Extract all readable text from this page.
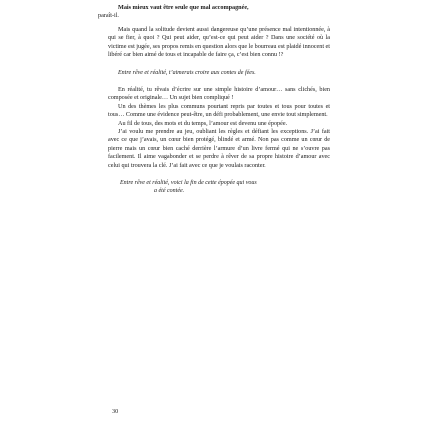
Mais mieux vaut être seule que mal accompagnée,
paraît-il.

Mais quand la solitude devient aussi dangereuse qu’une présence mal intentionnée, à qui se fier, à quoi ? Qui peut aider, qu’est-ce qui peut aider ? Dans une société où la victime est jugée, ses propos remis en question alors que le bourreau est plaidé innocent et libéré car bien aimé de tous et incapable de faire ça, c’est bien connu !?

Entre rêve et réalité, t’aimerais croire aux contes de fées.

En réalité, tu rêvais d’écrire sur une simple histoire d’amour… sans clichés, bien composée et originale… Un sujet bien compliqué !

Un des thèmes les plus communs pourtant repris par toutes et tous pour toutes et tous… Comme une évidence peut-être, un défi probablement, une envie tout simplement.

Au fil de tous, des mots et du temps, l’amour est devenu une épopée.

J’ai voulu me prendre au jeu, oubliant les règles et défiant les exceptions. J’ai fait avec ce que j’avais, un cœur bien protégé, blindé et armé. Non pas comme un cœur de pierre mais un cœur bien caché derrière l’armure d’un livre fermé qui ne s’ouvre pas facilement. Il aime vagabonder et se perdre à rêver de sa propre histoire d’amour avec celui qui trouvera la clé. J’ai fait avec ce que je voulais raconter.

Entre rêve et réalité, voici la fin de cette épopée qui vous

a été contée.

30
